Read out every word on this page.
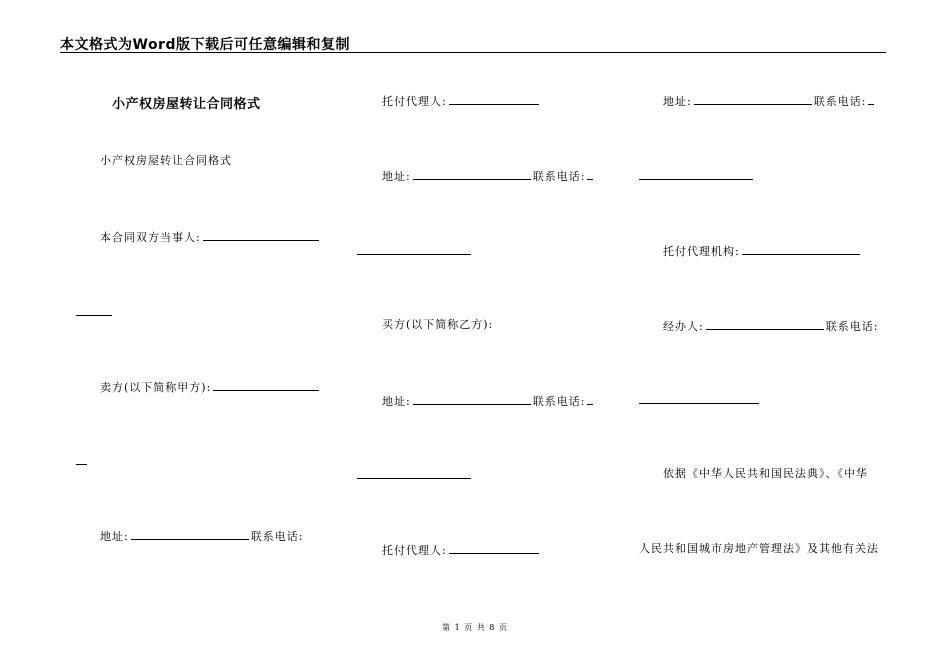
本文格式为Word版下载后可任意编辑和复制
小产权房屋转让合同格式
小产权房屋转让合同格式
本合同双方当事人:
卖方(以下简称甲方):
地址:	联系电话:
托付代理人:
地址:	联系电话:
买方(以下简称乙方):
地址:	联系电话:
托付代理人:
地址:	联系电话:
托付代理机构:
经办人:	联系电话:
依据《中华人民共和国民法典》、《中华
人民共和国城市房地产管理法》及其他有关法
第 1 页 共 8 页
